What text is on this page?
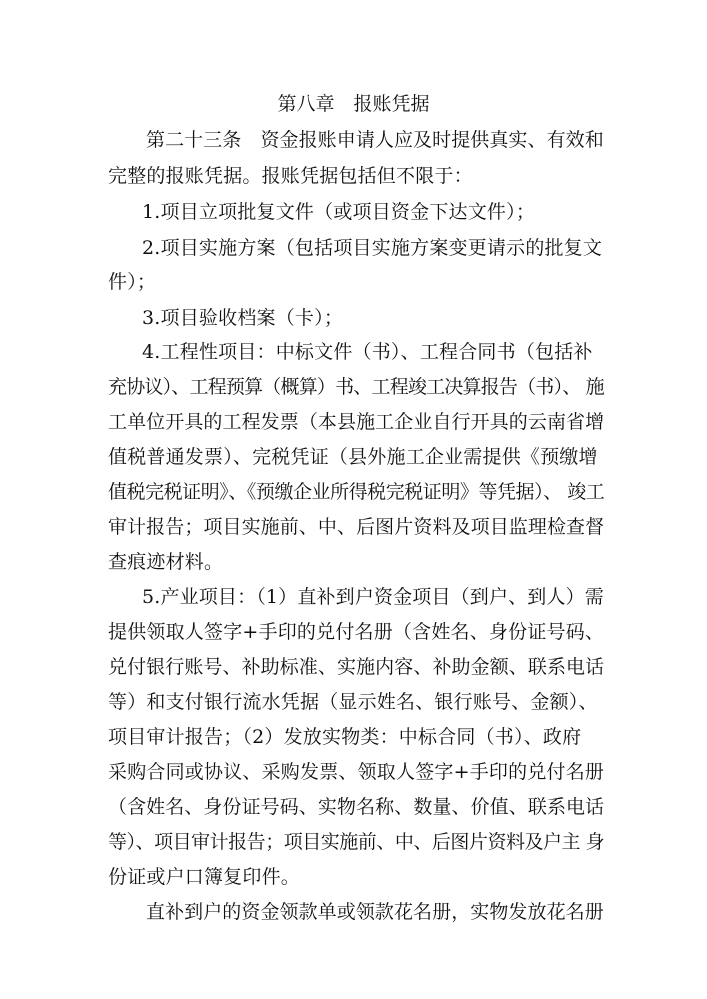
第八章　报账凭据
第二十三条　资金报账申请人应及时提供真实、有效和
完整的报账凭据。报账凭据包括但不限于：
1.项目立项批复文件（或项目资金下达文件）；
2.项目实施方案（包括项目实施方案变更请示的批复文
件）；
3.项目验收档案（卡）；
4.工程性项目：中标文件（书）、工程合同书（包括补
充协议）、工程预算（概算）书、工程竣工决算报告（书）、 施
工单位开具的工程发票（本县施工企业自行开具的云南省增
值税普通发票）、完税凭证（县外施工企业需提供《预缴增
值税完税证明》、《预缴企业所得税完税证明》等凭据）、 竣工
审计报告；项目实施前、中、后图片资料及项目监理检查督
查痕迹材料。
5.产业项目：（1）直补到户资金项目（到户、到人）需
提供领取人签字+手印的兑付名册（含姓名、身份证号码、
兑付银行账号、补助标准、实施内容、补助金额、联系电话
等）和支付银行流水凭据（显示姓名、银行账号、金额）、
项目审计报告；（2）发放实物类：中标合同（书）、政府
采购合同或协议、采购发票、领取人签字+手印的兑付名册
（含姓名、身份证号码、实物名称、数量、价值、联系电话
等）、项目审计报告；项目实施前、中、后图片资料及户主 身
份证或户口簿复印件。
直补到户的资金领款单或领款花名册，实物发放花名册
